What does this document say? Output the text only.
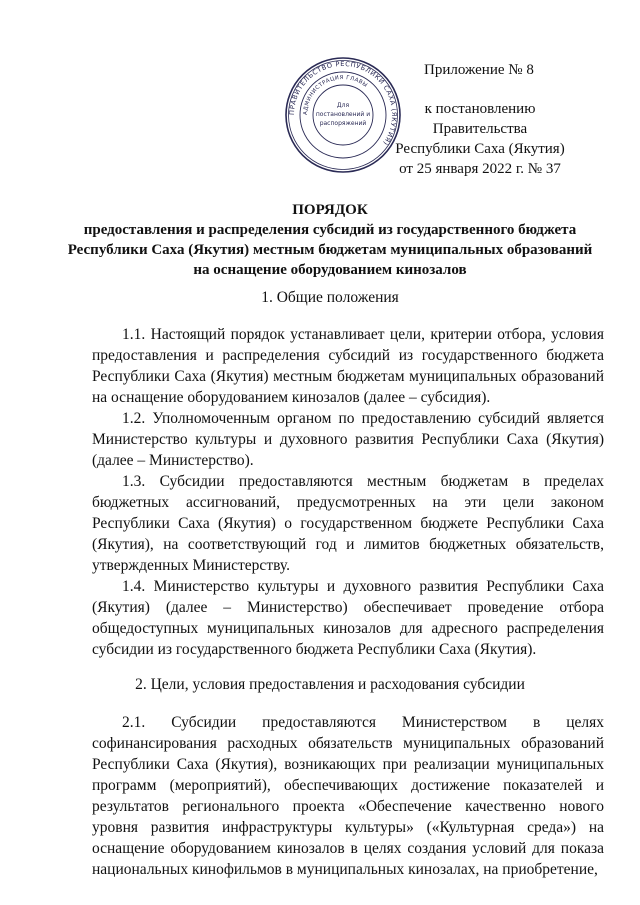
ПРАВИТЕЛЬСТВО РЕСПУБЛИКИ САХА (ЯКУТИЯ)
АДМИНИСТРАЦИЯ ГЛАВЫ
Для
постановлений и
распоряжений
Приложение № 8
к постановлению Правительства
Республики Саха (Якутия)
от 25 января 2022 г. № 37
ПОРЯДОК
предоставления и распределения субсидий из государственного бюджета Республики Саха (Якутия) местным бюджетам муниципальных образований на оснащение оборудованием кинозалов
1. Общие положения

1.1. Настоящий порядок устанавливает цели, критерии отбора, условия предоставления и распределения субсидий из государственного бюджета Республики Саха (Якутия) местным бюджетам муниципальных образований на оснащение оборудованием кинозалов (далее – субсидия).

1.2. Уполномоченным органом по предоставлению субсидий является Министерство культуры и духовного развития Республики Саха (Якутия) (далее – Министерство).

1.3. Субсидии предоставляются местным бюджетам в пределах бюджетных ассигнований, предусмотренных на эти цели законом Республики Саха (Якутия) о государственном бюджете Республики Саха (Якутия), на соответствующий год и лимитов бюджетных обязательств, утвержденных Министерству.

1.4. Министерство культуры и духовного развития Республики Саха (Якутия) (далее – Министерство) обеспечивает проведение отбора общедоступных муниципальных кинозалов для адресного распределения субсидии из государственного бюджета Республики Саха (Якутия).

2. Цели, условия предоставления и расходования субсидии

2.1. Субсидии предоставляются Министерством в целях софинансирования расходных обязательств муниципальных образований Республики Саха (Якутия), возникающих при реализации муниципальных программ (мероприятий), обеспечивающих достижение показателей и результатов регионального проекта «Обеспечение качественно нового уровня развития инфраструктуры культуры» («Культурная среда») на оснащение оборудованием кинозалов в целях создания условий для показа национальных кинофильмов в муниципальных кинозалах, на приобретение,
